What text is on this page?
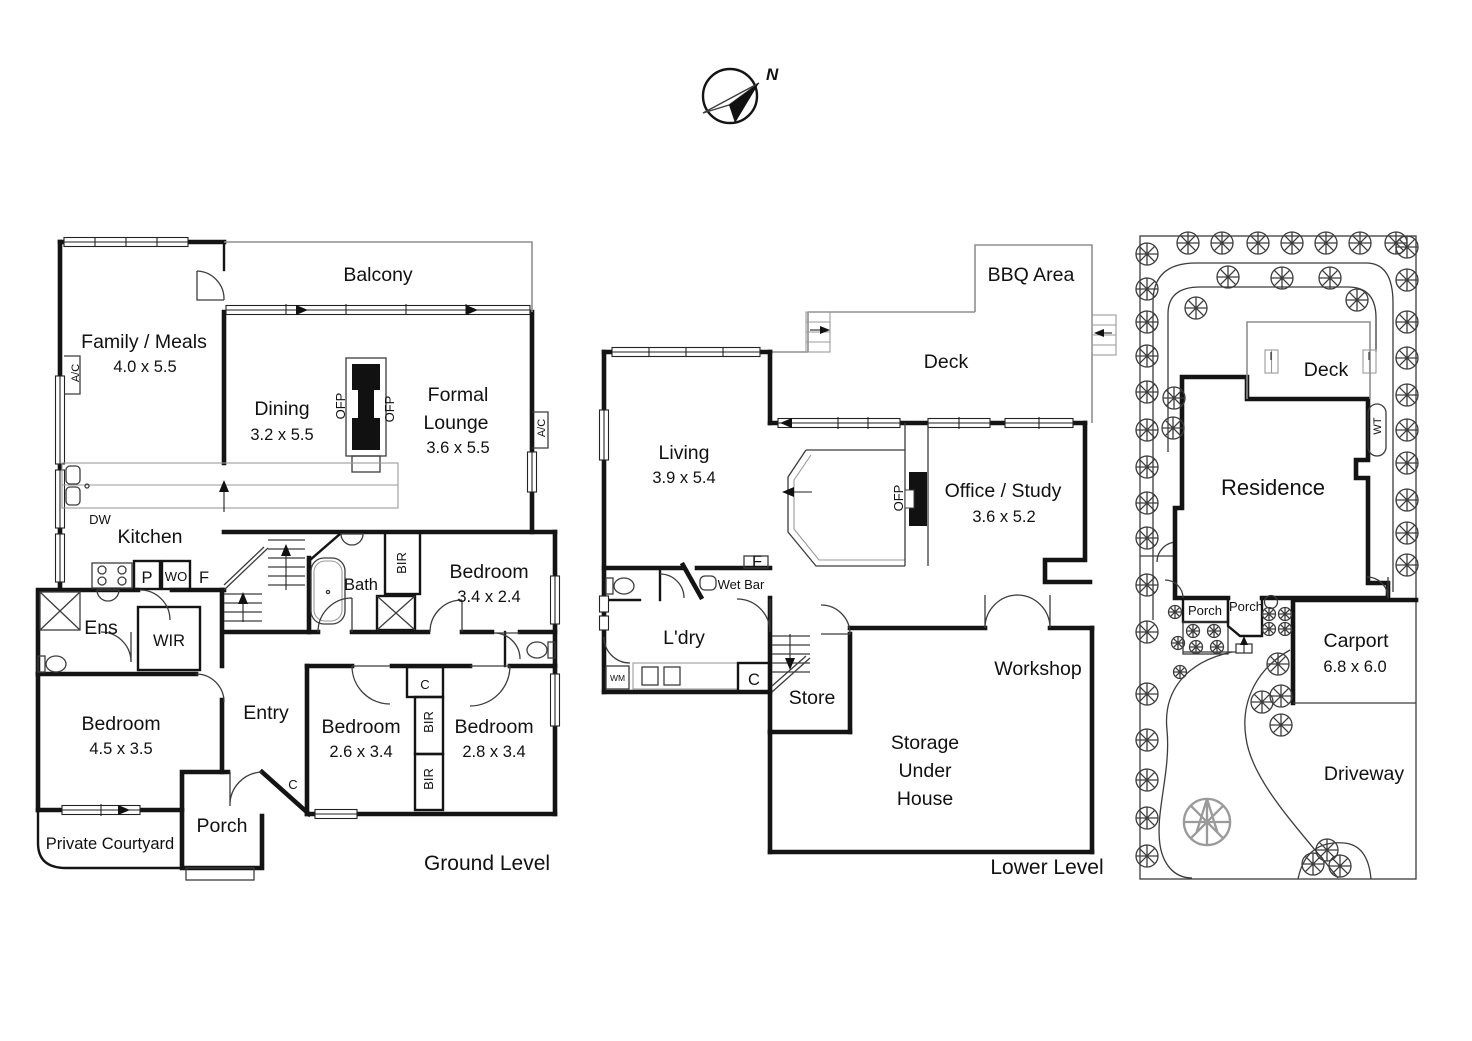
N
Balcony
Family / Meals
4.0 x 5.5
Dining
3.2 x 5.5
Formal
Lounge
3.6 x 5.5
OFP	OFP
A/C
A/C
DW
Kitchen
P WO F
Ens
WIR
Bath
BIR Bedroom
3.4 x 2.4
C
BIR
BIR
Bedroom
2.6 x 3.4
Bedroom
2.8 x 3.4
Entry
Bedroom
4.5 x 3.5
C
Porch
Private Courtyard
Ground Level
WM
BBQ Area
Deck
Living
3.9 x 5.4
OFP Office / Study
3.6 x 5.2
F
Wet Bar
L'dry
C
Store
Workshop
Storage
Under
House
Lower Level
WT
Deck
Residence
Porch Porch
Carport
6.8 x 6.0
Driveway
